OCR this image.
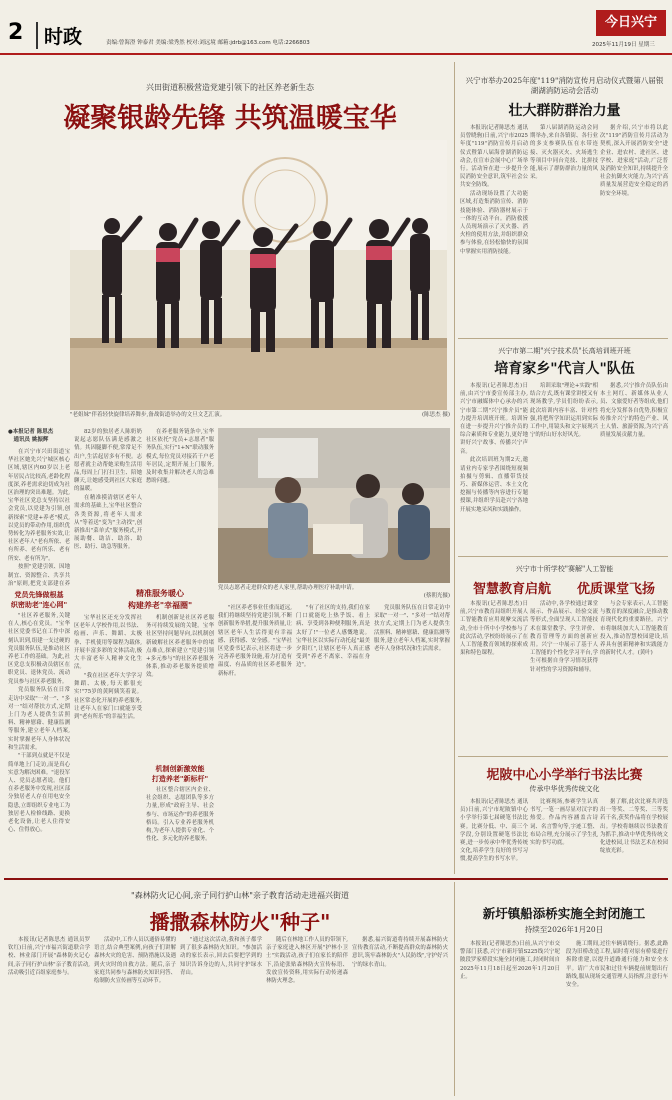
2	时政	责编:曾海澄 钟泰君 美编:梁秀然 校对:刘远境 邮箱:jdrb@163.com 电话:2266803
今日兴宁
2025年11月19日 星期三
兴田街道积极营造党建引领下的社区养老新生态
凝聚银龄先锋 共筑温暖宝华
"老姐妹"伴着轻快旋律培养舞步,备战街道举办的文旦文艺汇演。	(陈思杰 摄)
●本报记者 陈思杰
　通讯员 姚振辉

在兴宁市兴田街道宝华社区她先兴宁城区核心区域,辖区内60岁以上老年居民占比较高,老龄化程度深,养老需求迫切成为社区治理的突出难题。为此,宝华社区党总支坚持以社会党员,以党建为引领,创新探索"党建+养老"模式,以党员的带动作用,组织优势转化为养老服务实效,让社区老年人"老有所依、老有所养、老有所乐、老有所安、老有所为"。

按照"党建引领、因地制宜、资源整合、共享共治"原则,把党支部建在养

党员先锋做根基
织密助老"连心网"

"社区养老服务,关键在人,核心在党员。"宝华社区党委书记在工作中深刻认识到,组建一支过硬的党员服务队伍,是推动社区养老工作的基础。为此,社区党总支积极动员辖区在职党员、退休党员、流动党员参与社区养老服务。

党员服务队伍在日常走访中采取"一对一"、"多对一"结对帮扶方式,定期上门为老人提供生活照料、精神慰藉、健康监测等服务,建立老年人档案,实时掌握老年人身体状况和生活需求。

"干部到点就是不仅是简单地上门走访,而是真心实意为解决困难。"退役军人、党员志愿者说。他们在养老服务中发现,社区部分独居老人存在用电安全隐患,立即组织专业电工为独居老人检修线路、更换老化设备,让老人住得安心、住得放心。

82岁的独居老人陈奶奶说起志愿队伍满是感激之情。其因腿脚不便,常常足不出户,生活起居多有不便。志愿者就主动帮她采购生活用品,每周上门打扫卫生、陪她聊天,让她感受到社区大家庭的温暖。

在精准摸清辖区老年人需求的基础上,宝华社区整合各类资源,将老年人需求从"等着送"变为"主动找",创新推出"菜单式"服务模式,开展助餐、助洁、助浴、助医、助行、助急等服务。

精准服务暖心
构建养老"幸福圈"

宝华社区还充分发挥社区老年人学校作用,以书法、绘画、声乐、舞蹈、太极拳、手机使用等课程为载体,开展丰富多彩的文体活动,极大丰富老年人精神文化生活。

"我在社区老年大学学习舞蹈、太极,每天都很充实!"75岁的黄阿姨笑着说。社区常态化开展的养老服务,让老年人在家门口就能享受到"老有所乐"的幸福生活。

在养老服务链条中,宝华社区依托"党员+志愿者"服务队伍,实行"1+N"联动服务模式,每位党员对接若干户老年居民,定期开展上门服务,及时收集并解决老人的急难愁盼问题。

机制创新是社区养老服务可持续发展的关键。宝华社区坚持问题导向,以机制创新破解社区养老服务中的堵点难点,探索建立"党建引领+多元参与"的社区养老服务体系,推动养老服务提质增效。

机制创新激效能
打造养老"新标杆"

社区整合辖区内企业、社会组织、志愿团队等多方力量,形成"政府主导、社会参与、市场运作"的养老服务格局。引入专业养老服务机构,为老年人提供专业化、个性化、多元化的养老服务。

党员志愿者走进群众的老人家里,帮助办理医疗补助申请。
(蔡朝光摄)

"社区养老事业任重而道远,我们将继续坚持党建引领,不断创新服务举措,提升服务质量,让辖区老年人生活得更有幸福感、获得感、安全感。"宝华社区党委书记表示,社区将进一步完善养老服务设施,着力打造有温度、有品质的社区养老服务新标杆。

"有了社区的支持,我们在家门口就能吃上热乎饭、看上病、享受到各种便利服务,真是太好了!"一位老人感慨地说。宝华社区以实际行动托起"最美夕阳红",让辖区老年人真正感受到"养老不离家、幸福在身边"。

党员服务队伍在日常走访中采取"一对一"、"多对一"结对帮扶方式,定期上门为老人提供生活照料、精神慰藉、健康监测等服务,建立老年人档案,实时掌握老年人身体状况和生活需求。

兴宁市举办2025年度"119"消防宣传月启动仪式暨第八届银湖湖消防运动会活动
壮大群防群治力量

本报讯(记者陈思杰 通讯员曾晓驹)日前,兴宁市2025年度"119"消防宣传月启动仪式暨第八届海誉湖消防运动会,在宣市会展中心广场举行。活动旨在进一步提升全民消防安全意识,筑牢社会公共安全防线。

活动现场设置了大功能区域,打造集消防宣传、消防技能体验、消防器材展示于一体的互动平台。消防救援人员现场演示了灭火器、消火栓的使用方法,并组织群众参与体验,在轻松愉快的氛围中掌握实用消防技能。

第八届湖消防运动会同期举办,来自各镇街、各行业的多支参赛队伍在水带连接、灭火器灭火、火场逃生等项目中同台竞技、比拼技能,展示了群防群治力量的风采。

据介绍,兴宁市将以此次"119"消防宣传月活动为契机,深入开展消防安全"进企业、进农村、进社区、进学校、进家庭"活动,广泛普及消防安全知识,持续提升全社会抗御火灾能力,为兴宁高质量发展营造安全稳定的消防安全环境。

兴宁市第二期"兴宁技术员"长高培训班开班
培育家乡"代言人"队伍

本报讯(记者陈思杰)日前,由兴宁市委宣传部主办,兴宁市融媒体中心承办的兴宁市第二期"兴宁推介员"能力提升培训班开班。培训旨在进一步提升兴宁推介员的综合素质和专业能力,更好地讲好兴宁故事、传播兴宁声音。

此次培训班为期2天,邀请业内专家学者围绕短视频拍摄与剪辑、直播带货技巧、新媒体运营、本土文化挖掘与传播等内容进行专题授课,并组织学员赴兴宁各地开展实地采风和实践操作。

培训采取"理论+实践"相结合方式,既有课堂讲授又有现场教学,学员们纷纷表示,此次培训内容丰富、针对性强,将把所学知识运用到实际工作中,用镜头和文字展现兴宁的好山好水好风光。

据悉,兴宁推介员队伍由本土网红、新媒体从业人员、文旅爱好者等组成,他们将充分发挥各自优势,积极宣传推介兴宁的特色产业、风土人情、旅游资源,为兴宁高质量发展贡献力量。

兴宁市十所学校"赛解"人工智能
智慧教育启航	优质课堂飞扬

本报讯(记者陈思杰)日前,兴宁市教育局组织开展人工智能教育应用观摩交流活动,全市十所中小学校参与了此次活动,学校纷纷展示了在人工智能教育领域的探索成果和特色课程。

活动中,各学校通过课堂展示、作品展示、经验交流等形式,全面呈现人工智能技术在课堂教学、学生评价、教育管理等方面的创新应用。兴宁一中展示了基于人工智能的个性化学习平台,学生可根据自身学习情况获得针对性的学习资源和辅导。

与会专家表示,人工智能与教育的深度融合,是推动教育现代化的重要路径。兴宁市将继续加大人工智能教育投入,推动智慧校园建设,培养具有创新精神和实践能力的新时代人才。(黄叶)

坭陂中心小学举行书法比赛
传承中华优秀传统文化

本报讯(记者陈思杰 通讯员)日前,兴宁市坭陂镇中心小学举行第七届硬笔书法比赛。比赛分低、中、高三个学段,分别设置硬笔书法比赛,进一步传承中华优秀传统文化,培养学生良好的书写习惯,提高学生的书写水平。

比赛现场,参赛学生认真书写,一笔一画尽显对汉字的热爱。作品内容涵盖古诗词、名言警句等,字迹工整、布局合理,充分展示了学生扎实的书写功底。

据了解,此次比赛共评选出一等奖、二等奖、三等奖若干名,获奖作品将在学校展出。学校将继续以书法教育为抓手,推动中华优秀传统文化进校园,让书法艺术在校园绽放光彩。

"森林防火记心间,亲子同行护山林"亲子教育活动走进福兴街道
播撒森林防火"种子"

本报讯(记者陈思杰 通讯员罗钦红)日前,兴宁市福兴街道联合学校、林业部门开展"森林防火记心间,亲子同行护山林"亲子教育活动,活动吸引近百组家庭参与。

活动中,工作人员以通俗易懂的语言,结合典型案例,向孩子们讲解森林火灾的危害、预防措施以及遇到火灾时的自救方法。随后,亲子家庭共同参与森林防火知识问答、绘制防火宣传画等互动环节。

"通过这次活动,我和孩子都学到了很多森林防火知识。"参加活动的家长表示,回去后要把学到的知识告诉身边的人,共同守护绿水青山。

随后在林地工作人员的带领下,亲子家庭进入林区开展"护林小卫士"实践活动,孩子们在家长的陪伴下,沿途张贴森林防火宣传标语、发放宣传资料,用实际行动传递森林防火理念。

据悉,福兴街道将持续开展森林防火宣传教育活动,不断提高群众的森林防火意识,筑牢森林防火"人民防线",守护好兴宁的绿水青山。

新圩镇船添桥实施全封闭施工
持续至2026年1月20日

本报讯(记者陈思杰)日前,从兴宁市交警部门获悉,兴宁市新圩镇S225线兴宁坭陂段罗家桥段实施全封闭施工,封闭时间自2025年11月18日起至2026年1月20日止。

施工期间,过往车辆请绕行。据悉,此路段为旧桥改造工程,届时将对原有桥梁进行拆除重建,以提升道路通行能力和安全水平。请广大市民和过往车辆提前规划出行路线,服从现场交通管理人员指挥,注意行车安全。
